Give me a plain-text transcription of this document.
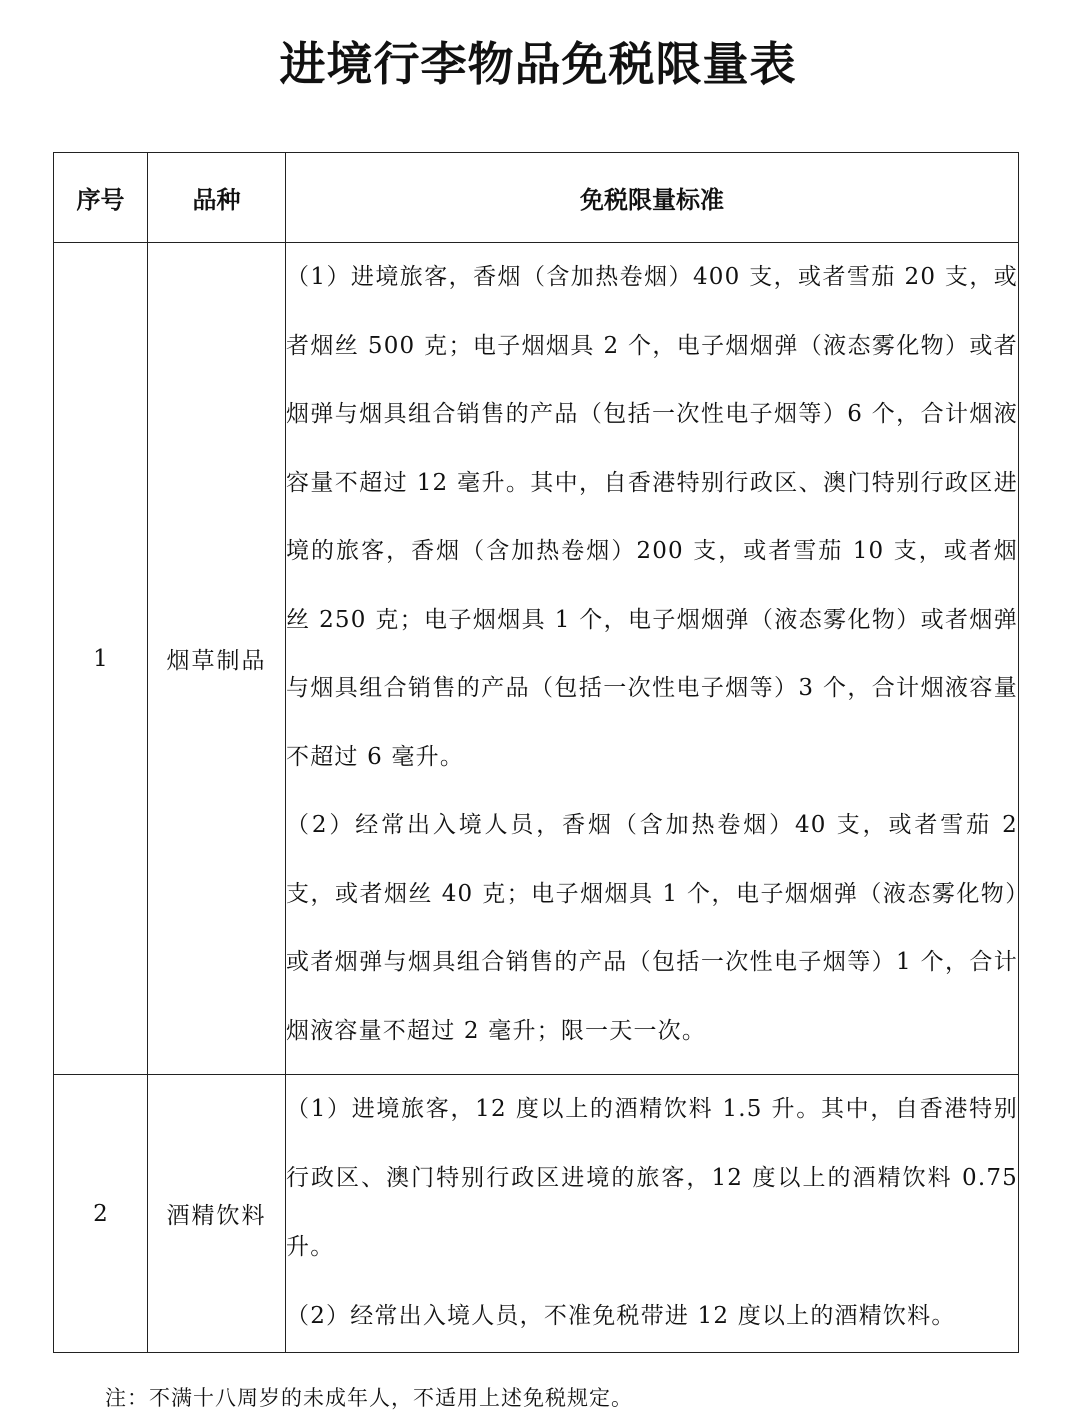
进境行李物品免税限量表
序号	品种	免税限量标准
1	烟草制品	（1）进境旅客，香烟（含加热卷烟）400 支，或者雪茄 20 支，或者烟丝 500 克；电子烟烟具 2 个，电子烟烟弹（液态雾化物）或者烟弹与烟具组合销售的产品（包括一次性电子烟等）6 个，合计烟液容量不超过 12 毫升。其中，自香港特别行政区、澳门特别行政区进境的旅客，香烟（含加热卷烟）200 支，或者雪茄 10 支，或者烟丝 250 克；电子烟烟具 1 个，电子烟烟弹（液态雾化物）或者烟弹与烟具组合销售的产品（包括一次性电子烟等）3 个，合计烟液容量不超过 6 毫升。
（2）经常出入境人员，香烟（含加热卷烟）40 支，或者雪茄 2 支，或者烟丝 40 克；电子烟烟具 1 个，电子烟烟弹（液态雾化物）或者烟弹与烟具组合销售的产品（包括一次性电子烟等）1 个，合计烟液容量不超过 2 毫升；限一天一次。

2	酒精饮料	（1）进境旅客，12 度以上的酒精饮料 1.5 升。其中，自香港特别行政区、澳门特别行政区进境的旅客，12 度以上的酒精饮料 0.75 升。
（2）经常出入境人员，不准免税带进 12 度以上的酒精饮料。
注：不满十八周岁的未成年人，不适用上述免税规定。
